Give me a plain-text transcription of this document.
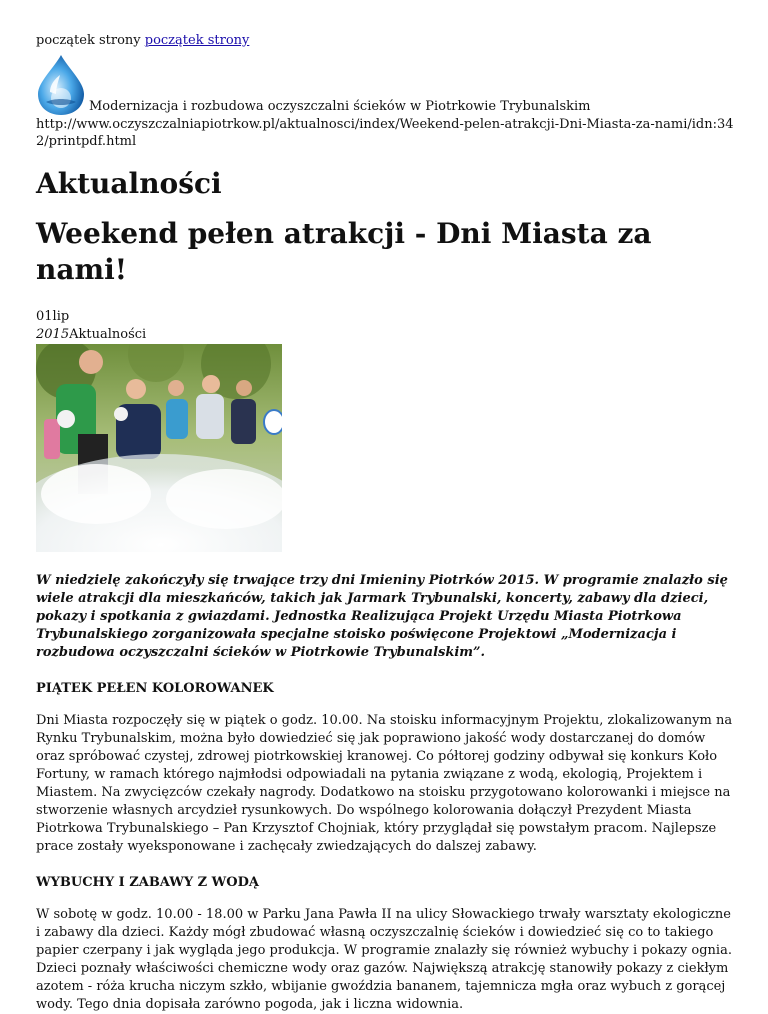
początek strony początek strony
Modernizacja i rozbudowa oczyszczalni ścieków w Piotrkowie Trybunalskim
http://www.oczyszczalniapiotrkow.pl/aktualnosci/index/Weekend-pelen-atrakcji-Dni-Miasta-za-nami/idn:342/printpdf.html
Aktualności
Weekend pełen atrakcji - Dni Miasta za nami!
01lip
2015Aktualności
W niedzielę zakończyły się trwające trzy dni Imieniny Piotrków 2015. W programie znalazło się wiele atrakcji dla mieszkańców, takich jak Jarmark Trybunalski, koncerty, zabawy dla dzieci, pokazy i spotkania z gwiazdami. Jednostka Realizująca Projekt Urzędu Miasta Piotrkowa Trybunalskiego zorganizowała specjalne stoisko poświęcone Projektowi „Modernizacja i rozbudowa oczyszczalni ścieków w Piotrkowie Trybunalskim”.
PIĄTEK PEŁEN KOLOROWANEK
Dni Miasta rozpoczęły się w piątek o godz. 10.00. Na stoisku informacyjnym Projektu, zlokalizowanym na Rynku Trybunalskim, można było dowiedzieć się jak poprawiono jakość wody dostarczanej do domów oraz spróbować czystej, zdrowej piotrkowskiej kranowej. Co półtorej godziny odbywał się konkurs Koło Fortuny, w ramach którego najmłodsi odpowiadali na pytania związane z wodą, ekologią, Projektem i Miastem. Na zwycięzców czekały nagrody. Dodatkowo na stoisku przygotowano kolorowanki i miejsce na stworzenie własnych arcydzieł rysunkowych. Do wspólnego kolorowania dołączył Prezydent Miasta Piotrkowa Trybunalskiego – Pan Krzysztof Chojniak, który przyglądał się powstałym pracom. Najlepsze prace zostały wyeksponowane i zachęcały zwiedzających do dalszej zabawy.
WYBUCHY I ZABAWY Z WODĄ
W sobotę w godz. 10.00 - 18.00 w Parku Jana Pawła II na ulicy Słowackiego trwały warsztaty ekologiczne i zabawy dla dzieci. Każdy mógł zbudować własną oczyszczalnię ścieków i dowiedzieć się co to takiego papier czerpany i jak wygląda jego produkcja. W programie znalazły się również wybuchy i pokazy ognia. Dzieci poznały właściwości chemiczne wody oraz gazów. Największą atrakcję stanowiły pokazy z ciekłym azotem - róża krucha niczym szkło, wbijanie gwoździa bananem, tajemnicza mgła oraz wybuch z gorącej wody. Tego dnia dopisała zarówno pogoda, jak i liczna widownia.
